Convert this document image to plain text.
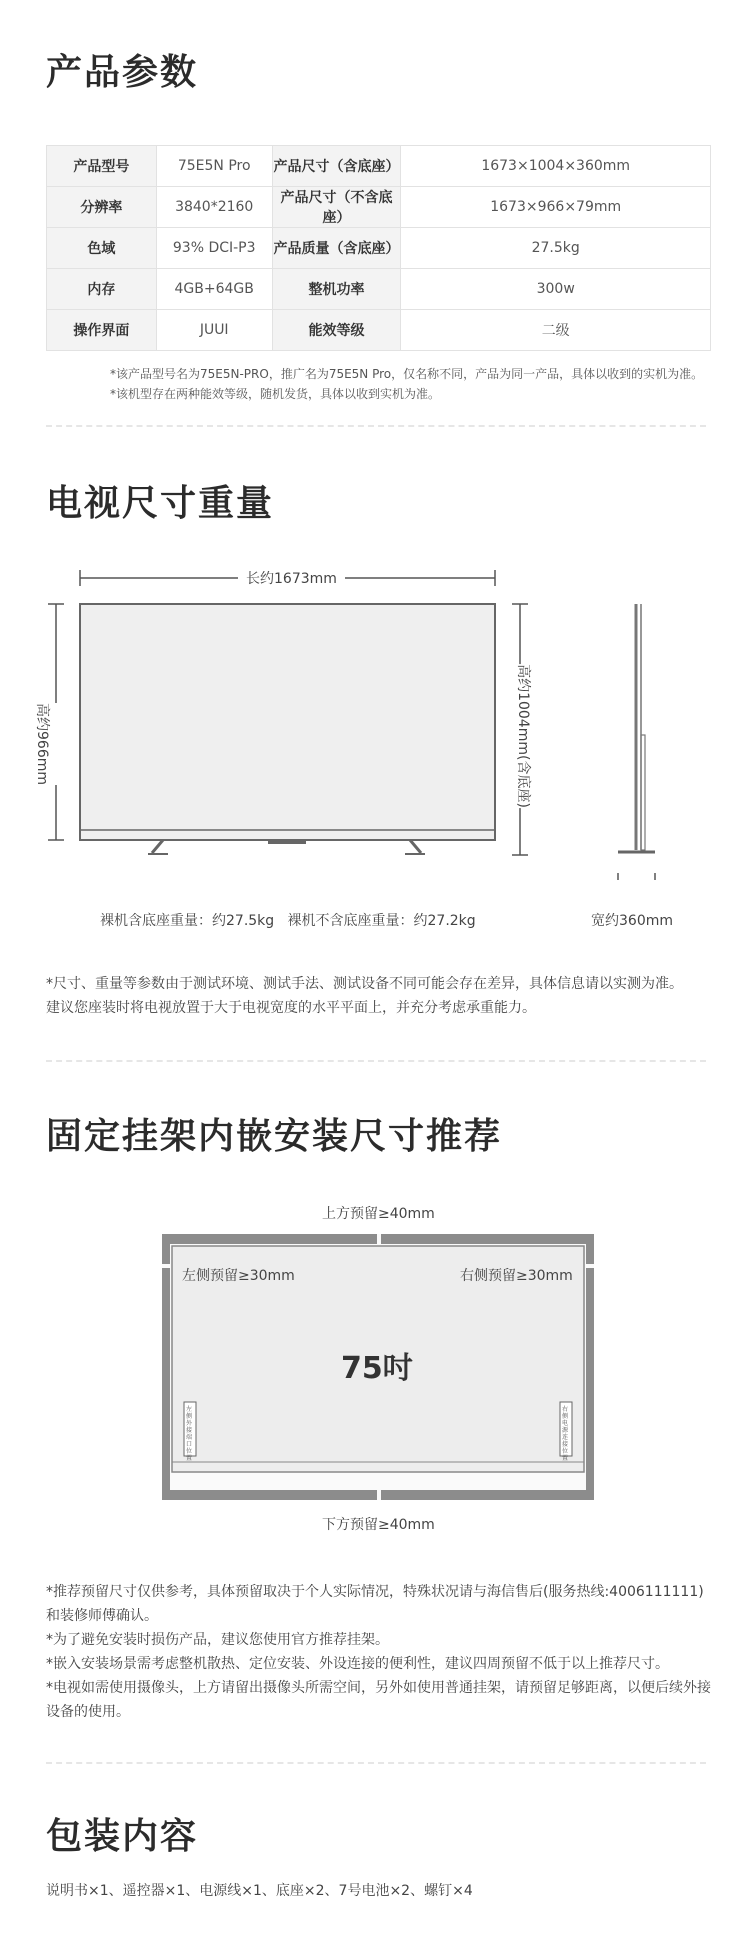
产品参数
产品型号	75E5N Pro	产品尺寸（含底座）	1673×1004×360mm
分辨率	3840*2160	产品尺寸（不含底座）	1673×966×79mm
色域	93% DCI-P3	产品质量（含底座）	27.5kg
内存	4GB+64GB	整机功率	300w
操作界面	JUUI	能效等级	二级
*该产品型号名为75E5N-PRO，推广名为75E5N Pro，仅名称不同，产品为同一产品，具体以收到的实机为准。
*该机型存在两种能效等级，随机发货，具体以收到实机为准。
电视尺寸重量
长约1673mm
高约966mm	高约1004mm(含底座)
裸机含底座重量：约27.5kg   裸机不含底座重量：约27.2kg	宽约360mm
*尺寸、重量等参数由于测试环境、测试手法、测试设备不同可能会存在差异，具体信息请以实测为准。
建议您座装时将电视放置于大于电视宽度的水平平面上，并充分考虑承重能力。
固定挂架内嵌安装尺寸推荐
上方预留≥40mm
左侧预留≥30mm	右侧预留≥30mm
75吋
左侧外接端口位置
右侧电源连接位置
下方预留≥40mm
*推荐预留尺寸仅供参考，具体预留取决于个人实际情况，特殊状况请与海信售后(服务热线:4006111111)和装修师傅确认。
*为了避免安装时损伤产品，建议您使用官方推荐挂架。
*嵌入安装场景需考虑整机散热、定位安装、外设连接的便利性，建议四周预留不低于以上推荐尺寸。
*电视如需使用摄像头，上方请留出摄像头所需空间，另外如使用普通挂架，请预留足够距离，以便后续外接设备的使用。
包装内容
说明书×1、遥控器×1、电源线×1、底座×2、7号电池×2、螺钉×4
